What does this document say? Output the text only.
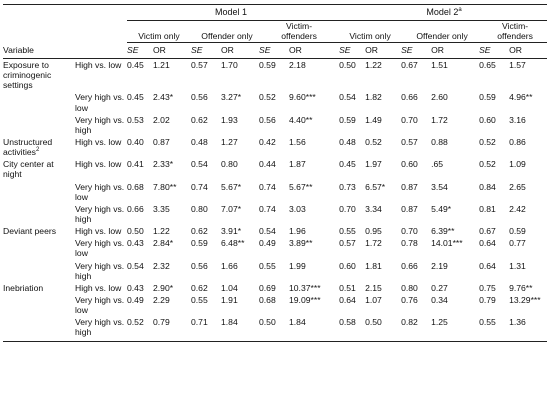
		Model 1						Model 2$^a$
		Victim only		Offender only		Victim-offenders		Victim only		Offender only		Victim-offenders	
Variable		SE	OR	SE	OR	SE	OR	SE	OR	SE	OR	SE	OR
Exposure to criminogenic settings	High vs. low	0.45	1.21	0.57	1.70	0.59	2.18	0.50	1.22	0.67	1.51	0.65	1.57
	Very high vs. low	0.45	2.43*	0.56	3.27*	0.52	9.60***	0.54	1.82	0.66	2.60	0.59	4.96**
	Very high vs. high	0.53	2.02	0.62	1.93	0.56	4.40**	0.59	1.49	0.70	1.72	0.60	3.16
Unstructured activities$^2$	High vs. low	0.40	0.87	0.48	1.27	0.42	1.56	0.48	0.52	0.57	0.88	0.52	0.86
City center at night	High vs. low	0.41	2.33*	0.54	0.80	0.44	1.87	0.45	1.97	0.60	.65	0.52	1.09
	Very high vs. low	0.68	7.80**	0.74	5.67*	0.74	5.67**	0.73	6.57*	0.87	3.54	0.84	2.65
	Very high vs. high	0.66	3.35	0.80	7.07*	0.74	3.03	0.70	3.34	0.87	5.49*	0.81	2.42
Deviant peers	High vs. low	0.50	1.22	0.62	3.91*	0.54	1.96	0.55	0.95	0.70	6.39**	0.67	0.59
	Very high vs. low	0.43	2.84*	0.59	6.48**	0.49	3.89**	0.57	1.72	0.78	14.01***	0.64	0.77
	Very high vs. high	0.54	2.32	0.56	1.66	0.55	1.99	0.60	1.81	0.66	2.19	0.64	1.31
Inebriation	High vs. low	0.43	2.90*	0.62	1.04	0.69	10.37***	0.51	2.15	0.80	0.27	0.75	9.76**
	Very high vs. low	0.49	2.29	0.55	1.91	0.68	19.09***	0.64	1.07	0.76	0.34	0.79	13.29***
	Very high vs. high	0.52	0.79	0.71	1.84	0.50	1.84	0.58	0.50	0.82	1.25	0.55	1.36
